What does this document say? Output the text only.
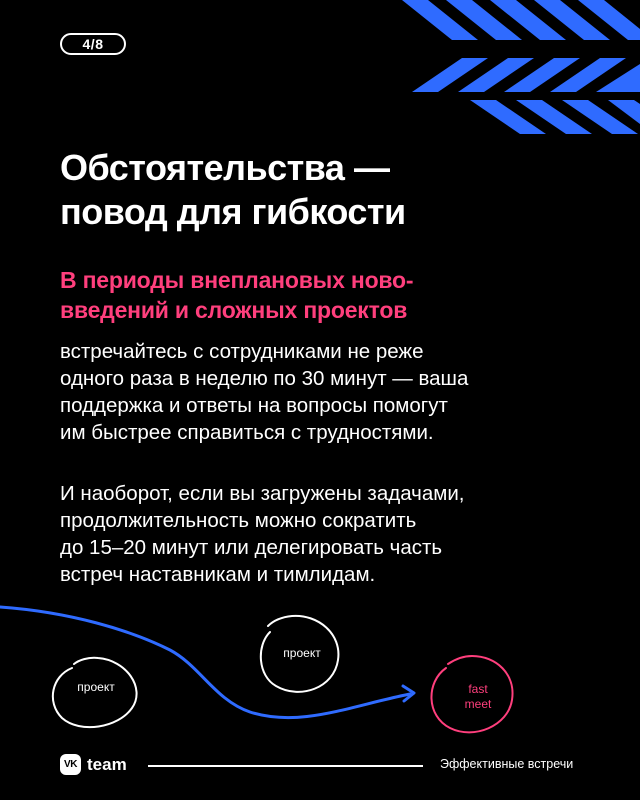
4/8
Обстоятельства —
повод для гибкости
В периоды внеплановых ново-
введений и сложных проектов

встречайтесь с сотрудниками не реже
одного раза в неделю по 30 минут — ваша
поддержка и ответы на вопросы помогут
им быстрее справиться с трудностями.

И наоборот, если вы загружены задачами,
продолжительность можно сократить
до 15–20 минут или делегировать часть
встреч наставникам и тимлидам.

проект
проект
fast
meet
VK team	Эффективные встречи
